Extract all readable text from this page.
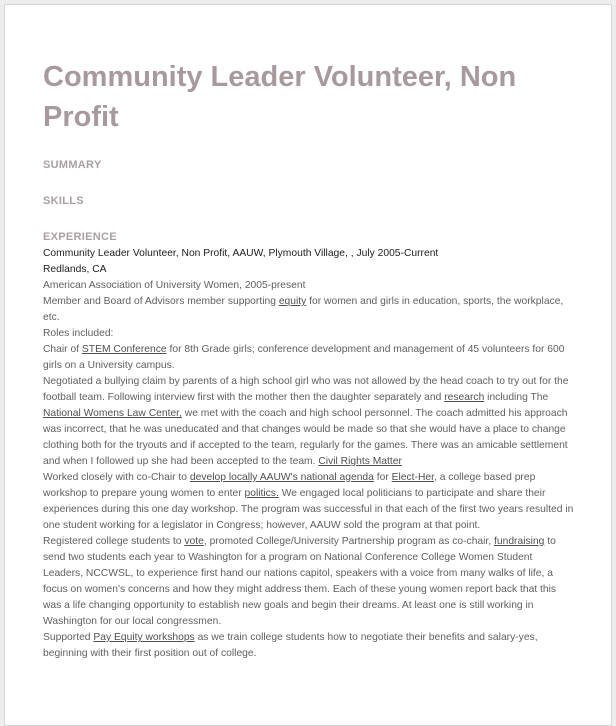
Community Leader Volunteer, Non Profit
SUMMARY
SKILLS
EXPERIENCE
Community Leader Volunteer, Non Profit, AAUW, Plymouth Village, , July 2005-Current
Redlands, CA
American Association of University Women, 2005-present
Member and Board of Advisors member supporting equity for women and girls in education, sports, the workplace, etc.
Roles included:
Chair of STEM Conference for 8th Grade girls; conference development and management of 45 volunteers for 600 girls on a University campus.
Negotiated a bullying claim by parents of a high school girl who was not allowed by the head coach to try out for the football team. Following interview first with the mother then the daughter separately and research including The National Womens Law Center, we met with the coach and high school personnel. The coach admitted his approach was incorrect, that he was uneducated and that changes would be made so that she would have a place to change clothing both for the tryouts and if accepted to the team, regularly for the games. There was an amicable settlement and when I followed up she had been accepted to the team. Civil Rights Matter
Worked closely with co-Chair to develop locally AAUW's national agenda for Elect-Her, a college based prep workshop to prepare young women to enter politics. We engaged local politicians to participate and share their experiences during this one day workshop. The program was successful in that each of the first two years resulted in one student working for a legislator in Congress; however, AAUW sold the program at that point.
Registered college students to vote, promoted College/University Partnership program as co-chair, fundraising to send two students each year to Washington for a program on National Conference College Women Student Leaders, NCCWSL, to experience first hand our nations capitol, speakers with a voice from many walks of life, a focus on women's concerns and how they might address them. Each of these young women report back that this was a life changing opportunity to establish new goals and begin their dreams. At least one is still working in Washington for our local congressmen.
Supported Pay Equity workshops as we train college students how to negotiate their benefits and salary-yes, beginning with their first position out of college.
